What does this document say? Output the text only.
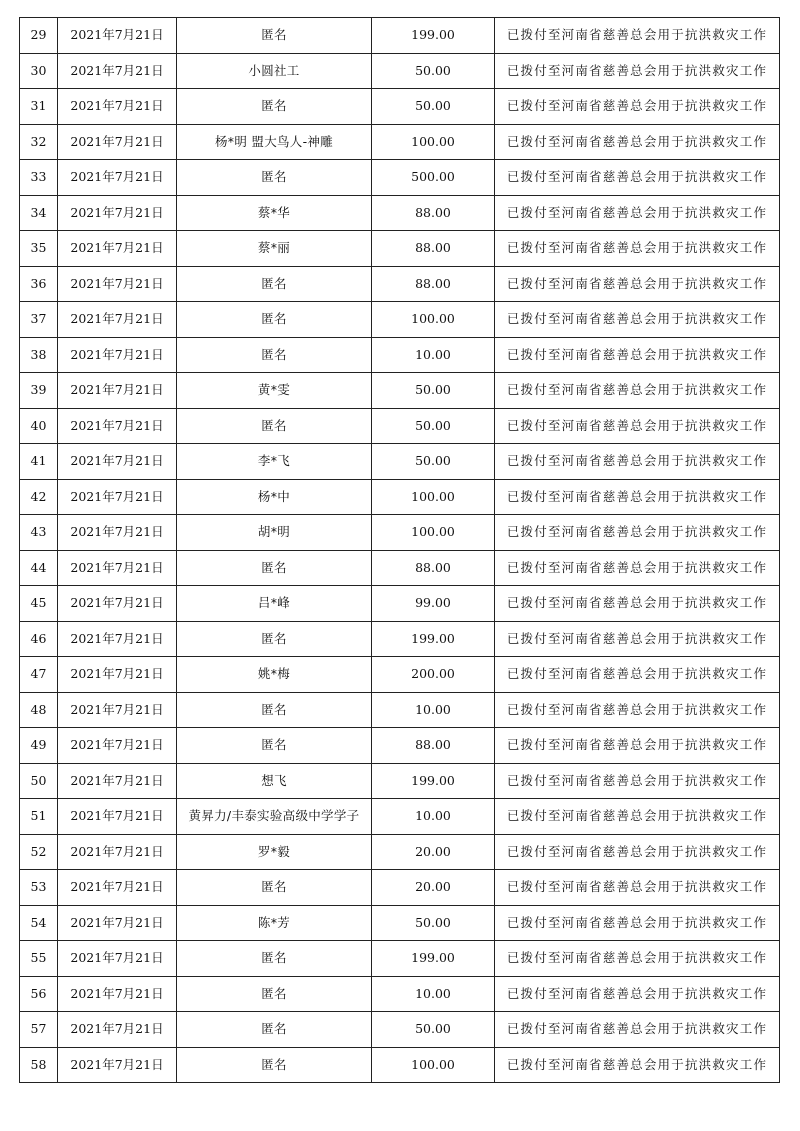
29	2021年7月21日	匿名	199.00	已拨付至河南省慈善总会用于抗洪救灾工作
30	2021年7月21日	小圆社工	50.00	已拨付至河南省慈善总会用于抗洪救灾工作
31	2021年7月21日	匿名	50.00	已拨付至河南省慈善总会用于抗洪救灾工作
32	2021年7月21日	杨*明 盟大鸟人-神雕	100.00	已拨付至河南省慈善总会用于抗洪救灾工作
33	2021年7月21日	匿名	500.00	已拨付至河南省慈善总会用于抗洪救灾工作
34	2021年7月21日	蔡*华	88.00	已拨付至河南省慈善总会用于抗洪救灾工作
35	2021年7月21日	蔡*丽	88.00	已拨付至河南省慈善总会用于抗洪救灾工作
36	2021年7月21日	匿名	88.00	已拨付至河南省慈善总会用于抗洪救灾工作
37	2021年7月21日	匿名	100.00	已拨付至河南省慈善总会用于抗洪救灾工作
38	2021年7月21日	匿名	10.00	已拨付至河南省慈善总会用于抗洪救灾工作
39	2021年7月21日	黄*雯	50.00	已拨付至河南省慈善总会用于抗洪救灾工作
40	2021年7月21日	匿名	50.00	已拨付至河南省慈善总会用于抗洪救灾工作
41	2021年7月21日	李*飞	50.00	已拨付至河南省慈善总会用于抗洪救灾工作
42	2021年7月21日	杨*中	100.00	已拨付至河南省慈善总会用于抗洪救灾工作
43	2021年7月21日	胡*明	100.00	已拨付至河南省慈善总会用于抗洪救灾工作
44	2021年7月21日	匿名	88.00	已拨付至河南省慈善总会用于抗洪救灾工作
45	2021年7月21日	吕*峰	99.00	已拨付至河南省慈善总会用于抗洪救灾工作
46	2021年7月21日	匿名	199.00	已拨付至河南省慈善总会用于抗洪救灾工作
47	2021年7月21日	姚*梅	200.00	已拨付至河南省慈善总会用于抗洪救灾工作
48	2021年7月21日	匿名	10.00	已拨付至河南省慈善总会用于抗洪救灾工作
49	2021年7月21日	匿名	88.00	已拨付至河南省慈善总会用于抗洪救灾工作
50	2021年7月21日	想飞	199.00	已拨付至河南省慈善总会用于抗洪救灾工作
51	2021年7月21日	黄昇力/丰泰实验高级中学学子	10.00	已拨付至河南省慈善总会用于抗洪救灾工作
52	2021年7月21日	罗*毅	20.00	已拨付至河南省慈善总会用于抗洪救灾工作
53	2021年7月21日	匿名	20.00	已拨付至河南省慈善总会用于抗洪救灾工作
54	2021年7月21日	陈*芳	50.00	已拨付至河南省慈善总会用于抗洪救灾工作
55	2021年7月21日	匿名	199.00	已拨付至河南省慈善总会用于抗洪救灾工作
56	2021年7月21日	匿名	10.00	已拨付至河南省慈善总会用于抗洪救灾工作
57	2021年7月21日	匿名	50.00	已拨付至河南省慈善总会用于抗洪救灾工作
58	2021年7月21日	匿名	100.00	已拨付至河南省慈善总会用于抗洪救灾工作
